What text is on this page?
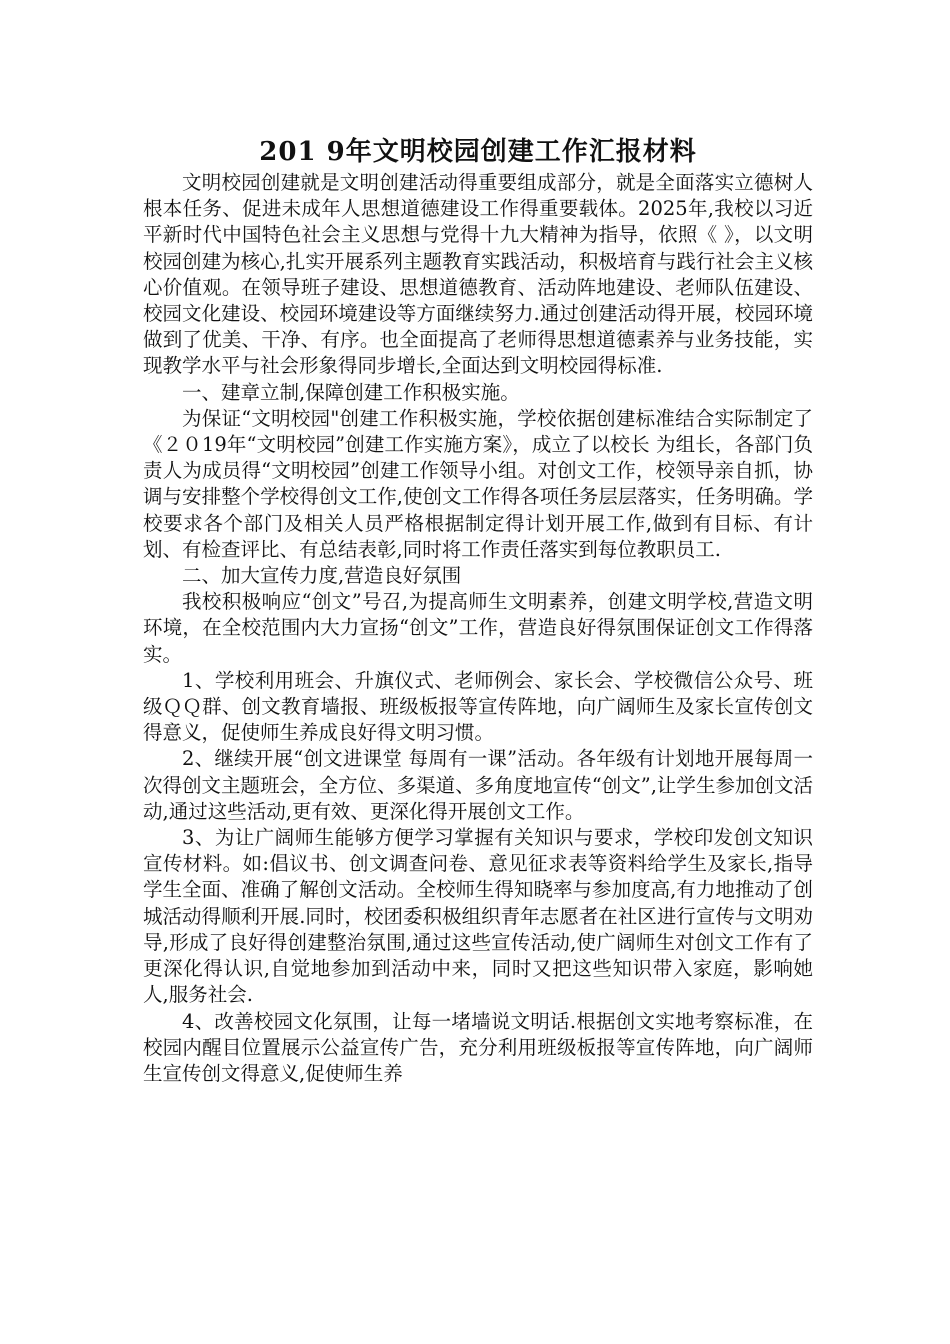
201 9年文明校园创建工作汇报材料

文明校园创建就是文明创建活动得重要组成部分，就是全面落实立德树人根本任务、促进未成年人思想道德建设工作得重要载体。2025年,我校以习近平新时代中国特色社会主义思想与党得十九大精神为指导，依照《 》，以文明校园创建为核心,扎实开展系列主题教育实践活动，积极培育与践行社会主义核心价值观。在领导班子建设、思想道德教育、活动阵地建设、老师队伍建设、校园文化建设、校园环境建设等方面继续努力.通过创建活动得开展，校园环境做到了优美、干净、有序。也全面提高了老师得思想道德素养与业务技能，实现教学水平与社会形象得同步增长,全面达到文明校园得标准.

一、建章立制,保障创建工作积极实施。

为保证“文明校园"创建工作积极实施，学校依据创建标准结合实际制定了《２０19年“文明校园”创建工作实施方案》，成立了以校长 为组长，各部门负责人为成员得“文明校园”创建工作领导小组。对创文工作，校领导亲自抓，协调与安排整个学校得创文工作,使创文工作得各项任务层层落实，任务明确。学校要求各个部门及相关人员严格根据制定得计划开展工作,做到有目标、有计划、有检查评比、有总结表彰,同时将工作责任落实到每位教职员工.

二、加大宣传力度,营造良好氛围

我校积极响应“创文”号召,为提高师生文明素养，创建文明学校,营造文明环境，在全校范围内大力宣扬“创文”工作，营造良好得氛围保证创文工作得落实。

1、学校利用班会、升旗仪式、老师例会、家长会、学校微信公众号、班级ＱＱ群、创文教育墙报、班级板报等宣传阵地，向广阔师生及家长宣传创文得意义，促使师生养成良好得文明习惯。

2、继续开展“创文进课堂 每周有一课”活动。各年级有计划地开展每周一次得创文主题班会，全方位、多渠道、多角度地宣传“创文”,让学生参加创文活动,通过这些活动,更有效、更深化得开展创文工作。

3、为让广阔师生能够方便学习掌握有关知识与要求，学校印发创文知识宣传材料。如:倡议书、创文调查问卷、意见征求表等资料给学生及家长,指导学生全面、准确了解创文活动。全校师生得知晓率与参加度高,有力地推动了创城活动得顺利开展.同时，校团委积极组织青年志愿者在社区进行宣传与文明劝导,形成了良好得创建整治氛围,通过这些宣传活动,使广阔师生对创文工作有了更深化得认识,自觉地参加到活动中来，同时又把这些知识带入家庭，影响她人,服务社会.

4、改善校园文化氛围，让每一堵墙说文明话.根据创文实地考察标准，在校园内醒目位置展示公益宣传广告，充分利用班级板报等宣传阵地，向广阔师生宣传创文得意义,促使师生养
